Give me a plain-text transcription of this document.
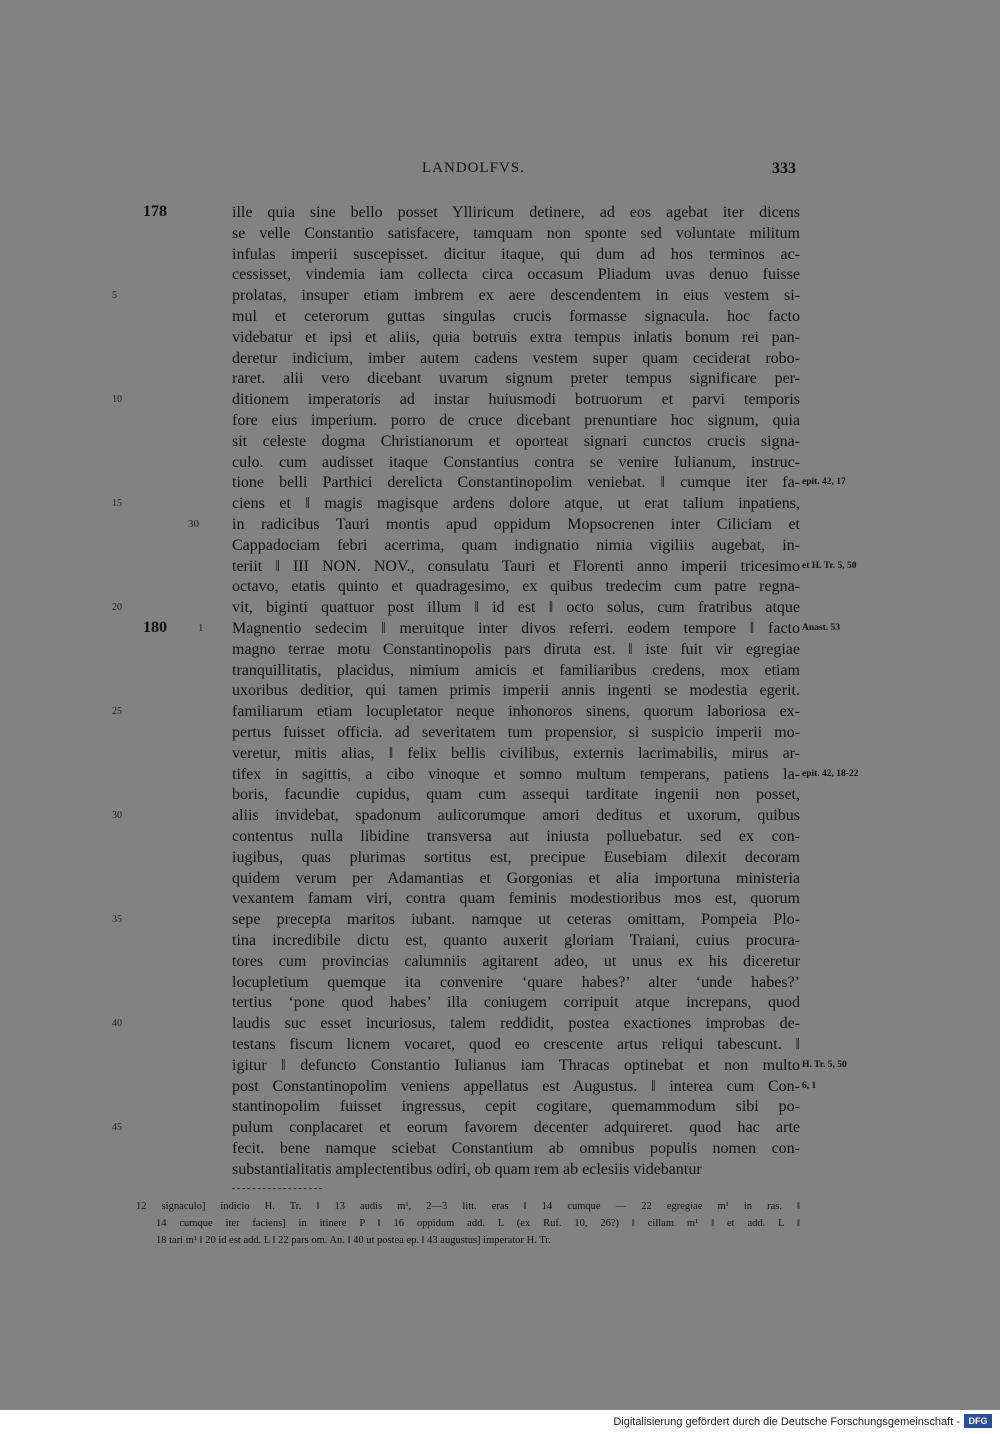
LANDOLFVS.	333
ille quia sine bello posset Ylliricum detinere, ad eos agebat iter dicens
se velle Constantio satisfacere, tamquam non sponte sed voluntate militum
infulas imperii suscepisset. dicitur itaque, qui dum ad hos terminos ac-
cessisset, vindemia iam collecta circa occasum Pliadum uvas denuo fuisse
prolatas, insuper etiam imbrem ex aere descendentem in eius vestem si-
mul et ceterorum guttas singulas crucis formasse signacula. hoc facto
videbatur et ipsi et aliis, quia botruis extra tempus inlatis bonum rei pan-
deretur indicium, imber autem cadens vestem super quam ceciderat robo-
raret. alii vero dicebant uvarum signum preter tempus significare per-
ditionem imperatoris ad instar huiusmodi botruorum et parvi temporis
fore eius imperium. porro de cruce dicebant prenuntiare hoc signum, quia
sit celeste dogma Christianorum et oporteat signari cunctos crucis signa-
culo. cum audisset itaque Constantius contra se venire Iulianum, instruc-
tione belli Parthici derelicta Constantinopolim veniebat. ‖ cumque iter fa-
ciens et ‖ magis magisque ardens dolore atque, ut erat talium inpatiens,
in radicibus Tauri montis apud oppidum Mopsocrenen inter Ciliciam et
Cappadociam febri acerrima, quam indignatio nimia vigiliis augebat, in-
teriit ‖ III NON. NOV., consulatu Tauri et Florenti anno imperii tricesimo
octavo, etatis quinto et quadragesimo, ex quibus tredecim cum patre regna-
vit, biginti quattuor post illum ‖ id est ‖ octo solus, cum fratribus atque
Magnentio sedecim ‖ meruitque inter divos referri. eodem tempore ‖ facto
magno terrae motu Constantinopolis pars diruta est. ‖ iste fuit vir egregiae
tranquillitatis, placidus, nimium amicis et familiaribus credens, mox etiam
uxoribus deditior, qui tamen primis imperii annis ingenti se modestia egerit.
familiarum etiam locupletator neque inhonoros sinens, quorum laboriosa ex-
pertus fuisset officia. ad severitatem tum propensior, si suspicio imperii mo-
veretur, mitis alias, ‖ felix bellis civilibus, externis lacrimabilis, mirus ar-
tifex in sagittis, a cibo vinoque et somno multum temperans, patiens la-
boris, facundie cupidus, quam cum assequi tarditate ingenii non posset,
aliis invidebat, spadonum aulicorumque amori deditus et uxorum, quibus
contentus nulla libidine transversa aut iniusta polluebatur. sed ex con-
iugibus, quas plurimas sortitus est, precipue Eusebiam dilexit decoram
quidem verum per Adamantias et Gorgonias et alia importuna ministeria
vexantem famam viri, contra quam feminis modestioribus mos est, quorum
sepe precepta maritos iubant. namque ut ceteras omittam, Pompeia Plo-
tina incredibile dictu est, quanto auxerit gloriam Traiani, cuius procura-
tores cum provincias calumniis agitarent adeo, ut unus ex his diceretur
locupletium quemque ita convenire ‘quare habes?’ alter ‘unde habes?’
tertius ‘pone quod habes’ illa coniugem corripuit atque increpans, quod
laudis suc esset incuriosus, talem reddidit, postea exactiones improbas de-
testans fiscum licnem vocaret, quod eo crescente artus reliqui tabescunt. ‖
igitur ‖ defuncto Constantio Iulianus iam Thracas optinebat et non multo
post Constantinopolim veniens appellatus est Augustus. ‖ interea cum Con-
stantinopolim fuisset ingressus, cepit cogitare, quemammodum sibi po-
pulum conplacaret et eorum favorem decenter adquireret. quod hac arte
fecit. bene namque sciebat Constantium ab omnibus populis nomen con-
substantialitatis amplectentibus odiri, ob quam rem ab eclesiis videbantur
178
180
5
10
15
20
25
30
35
40
45
30
1
epit. 42, 17
et H. Tr. 5, 50
Anast. 53
epit. 42, 18-22
H. Tr. 5, 50
6, 1
12 signaculo] indicio H. Tr. ‖ 13 audis m¹, 2—3 litt. eras ‖ 14 cumque — 22 egregiae m¹ in ras. ‖
14 cumque iter faciens] in itinere P ‖ 16 oppidum add. L (ex Ruf. 10, 26?) ‖ cillam m¹ ‖ et add. L ‖
18 tari m¹ ‖ 20 id est add. L ‖ 22 pars om. An. ‖ 40 ut postea ep. ‖ 43 augustus] imperator H. Tr.
Digitalisierung gefördert durch die Deutsche Forschungsgemeinschaft - DFG
